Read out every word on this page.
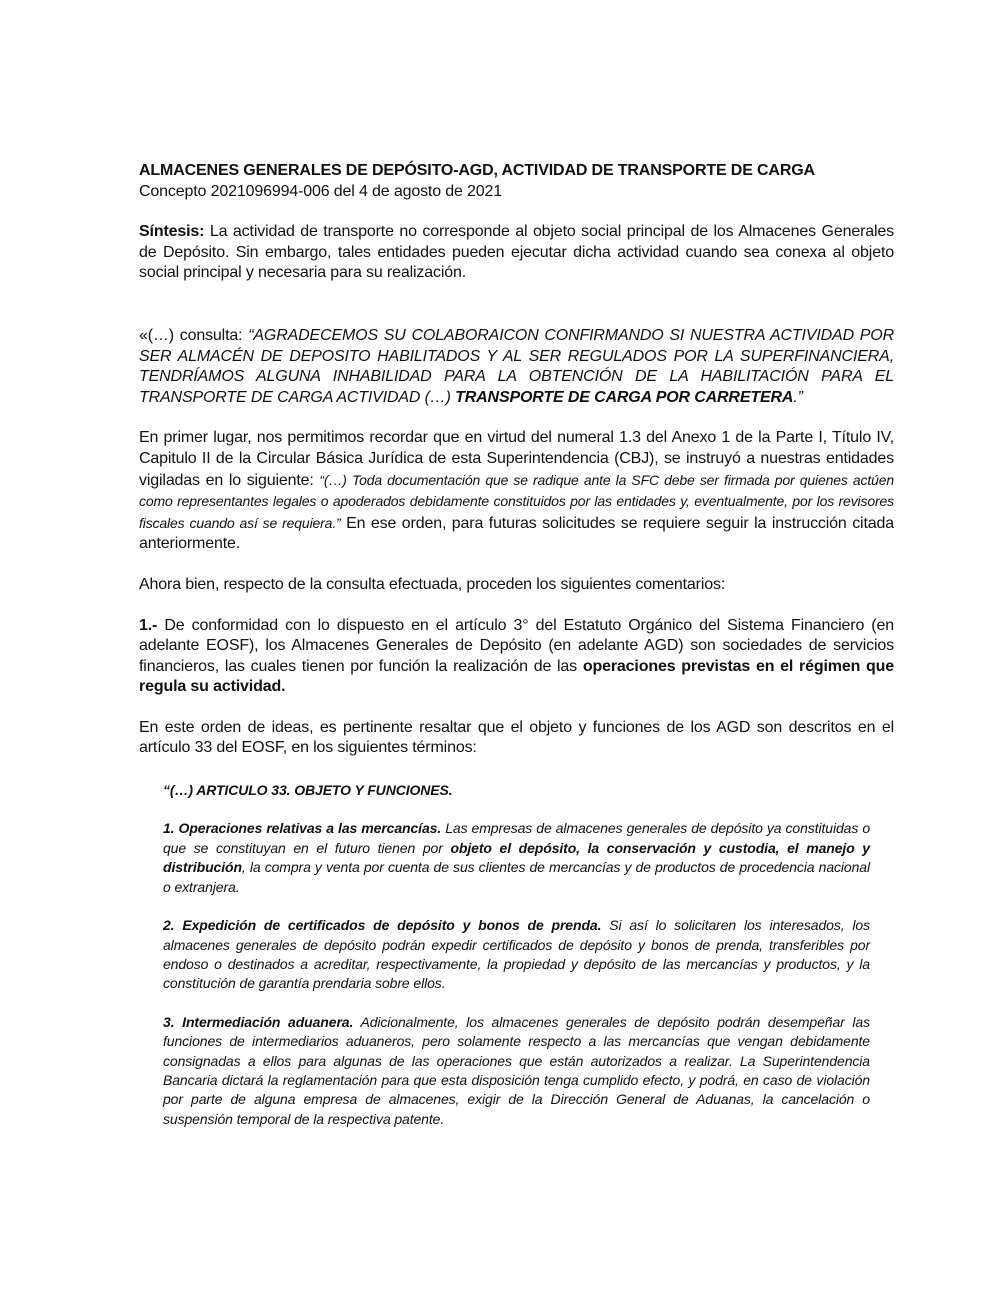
ALMACENES GENERALES DE DEPÓSITO-AGD, ACTIVIDAD DE TRANSPORTE DE CARGA

Concepto 2021096994-006 del 4 de agosto de 2021

Síntesis: La actividad de transporte no corresponde al objeto social principal de los Almacenes Generales de Depósito. Sin embargo, tales entidades pueden ejecutar dicha actividad cuando sea conexa al objeto social principal y necesaria para su realización.

«(…) consulta: “AGRADECEMOS SU COLABORAICON CONFIRMANDO SI NUESTRA ACTIVIDAD POR SER ALMACÉN DE DEPOSITO HABILITADOS Y AL SER REGULADOS POR LA SUPERFINANCIERA, TENDRÍAMOS ALGUNA INHABILIDAD PARA LA OBTENCIÓN DE LA HABILITACIÓN PARA EL TRANSPORTE DE CARGA ACTIVIDAD (…) TRANSPORTE DE CARGA POR CARRETERA.”

En primer lugar, nos permitimos recordar que en virtud del numeral 1.3 del Anexo 1 de la Parte I, Título IV, Capitulo II de la Circular Básica Jurídica de esta Superintendencia (CBJ), se instruyó a nuestras entidades vigiladas en lo siguiente: “(…) Toda documentación que se radique ante la SFC debe ser firmada por quienes actúen como representantes legales o apoderados debidamente constituidos por las entidades y, eventualmente, por los revisores fiscales cuando así se requiera.” En ese orden, para futuras solicitudes se requiere seguir la instrucción citada anteriormente.

Ahora bien, respecto de la consulta efectuada, proceden los siguientes comentarios:

1.- De conformidad con lo dispuesto en el artículo 3° del Estatuto Orgánico del Sistema Financiero (en adelante EOSF), los Almacenes Generales de Depósito (en adelante AGD) son sociedades de servicios financieros, las cuales tienen por función la realización de las operaciones previstas en el régimen que regula su actividad.

En este orden de ideas, es pertinente resaltar que el objeto y funciones de los AGD son descritos en el artículo 33 del EOSF, en los siguientes términos:

“(…) ARTICULO 33. OBJETO Y FUNCIONES.

1. Operaciones relativas a las mercancías. Las empresas de almacenes generales de depósito ya constituidas o que se constituyan en el futuro tienen por objeto el depósito, la conservación y custodia, el manejo y distribución, la compra y venta por cuenta de sus clientes de mercancías y de productos de procedencia nacional o extranjera.

2. Expedición de certificados de depósito y bonos de prenda. Si así lo solicitaren los interesados, los almacenes generales de depósito podrán expedir certificados de depósito y bonos de prenda, transferibles por endoso o destinados a acreditar, respectivamente, la propiedad y depósito de las mercancías y productos, y la constitución de garantía prendaria sobre ellos.

3. Intermediación aduanera. Adicionalmente, los almacenes generales de depósito podrán desempeñar las funciones de intermediarios aduaneros, pero solamente respecto a las mercancías que vengan debidamente consignadas a ellos para algunas de las operaciones que están autorizados a realizar. La Superintendencia Bancaria dictará la reglamentación para que esta disposición tenga cumplido efecto, y podrá, en caso de violación por parte de alguna empresa de almacenes, exigir de la Dirección General de Aduanas, la cancelación o suspensión temporal de la respectiva patente.
